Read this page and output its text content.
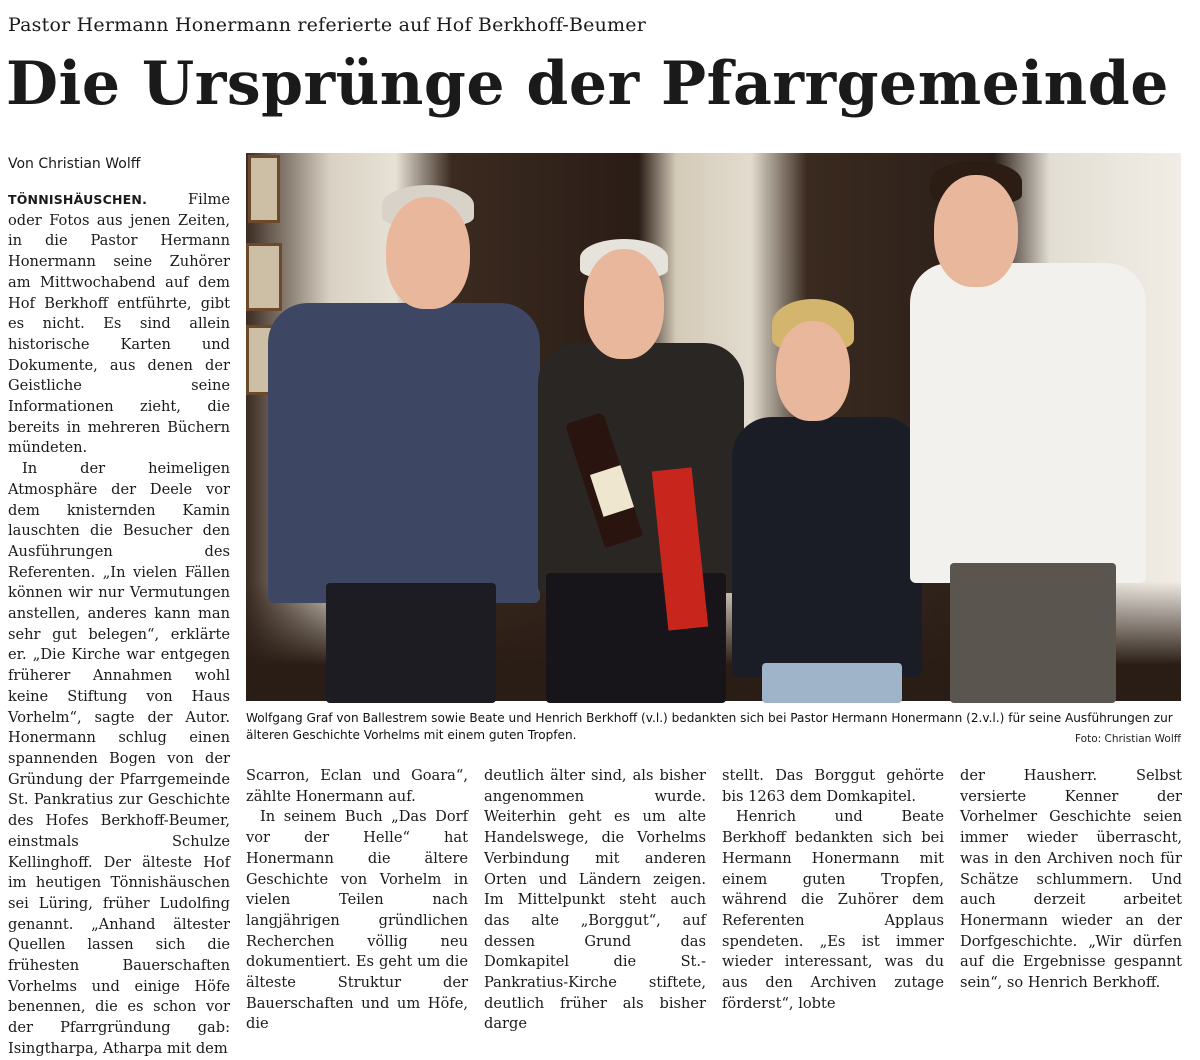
Pastor Hermann Honermann referierte auf Hof Berkhoff-Beumer
Die Ursprünge der Pfarrgemeinde
Von Christian Wolff

TÖNNISHÄUSCHEN. Filme oder Fotos aus jenen Zeiten, in die Pastor Hermann Honermann seine Zuhörer am Mittwochabend auf dem Hof Berkhoff entführte, gibt es nicht. Es sind allein historische Karten und Dokumente, aus denen der Geistliche seine Informationen zieht, die bereits in mehreren Büchern mündeten.

In der heimeligen Atmosphäre der Deele vor dem knisternden Kamin lauschten die Besucher den Ausführungen des Referenten. „In vielen Fällen können wir nur Vermutungen anstellen, anderes kann man sehr gut belegen“, erklärte er. „Die Kirche war entgegen früherer Annahmen wohl keine Stiftung von Haus Vorhelm“, sagte der Autor. Honermann schlug einen spannenden Bogen von der Gründung der Pfarrgemeinde St. Pankratius zur Geschichte des Hofes Berkhoff-Beumer, einstmals Schulze Kellinghoff. Der älteste Hof im heutigen Tönnishäuschen sei Lüring, früher Ludolfing genannt. „Anhand ältester Quellen lassen sich die frühesten Bauerschaften Vorhelms und einige Höfe benennen, die es schon vor der Pfarrgründung gab: Isingtharpa, Atharpa mit dem

Wolfgang Graf von Ballestrem sowie Beate und Henrich Berkhoff (v.l.) bedankten sich bei Pastor Hermann Honermann (2.v.l.) für seine Ausführungen zur älteren Geschichte Vorhelms mit einem guten Tropfen.	Foto: Christian Wolff

Scarron, Eclan und Goara“, zählte Honermann auf.

In seinem Buch „Das Dorf vor der Helle“ hat Honermann die ältere Geschichte von Vorhelm in vielen Teilen nach langjährigen gründlichen Recherchen völlig neu dokumentiert. Es geht um die älteste Struktur der Bauerschaften und um Höfe, die

deutlich älter sind, als bisher angenommen wurde. Weiterhin geht es um alte Handelswege, die Vorhelms Verbindung mit anderen Orten und Ländern zeigen. Im Mittelpunkt steht auch das alte „Borggut“, auf dessen Grund das Domkapitel die St.-Pankratius-Kirche stiftete, deutlich früher als bisher darge

stellt. Das Borggut gehörte bis 1263 dem Domkapitel.

Henrich und Beate Berkhoff bedankten sich bei Hermann Honermann mit einem guten Tropfen, während die Zuhörer dem Referenten Applaus spendeten. „Es ist immer wieder interessant, was du aus den Archiven zutage förderst“, lobte

der Hausherr. Selbst versierte Kenner der Vorhelmer Geschichte seien immer wieder überrascht, was in den Archiven noch für Schätze schlummern. Und auch derzeit arbeitet Honermann wieder an der Dorfgeschichte. „Wir dürfen auf die Ergebnisse gespannt sein“, so Henrich Berkhoff.
